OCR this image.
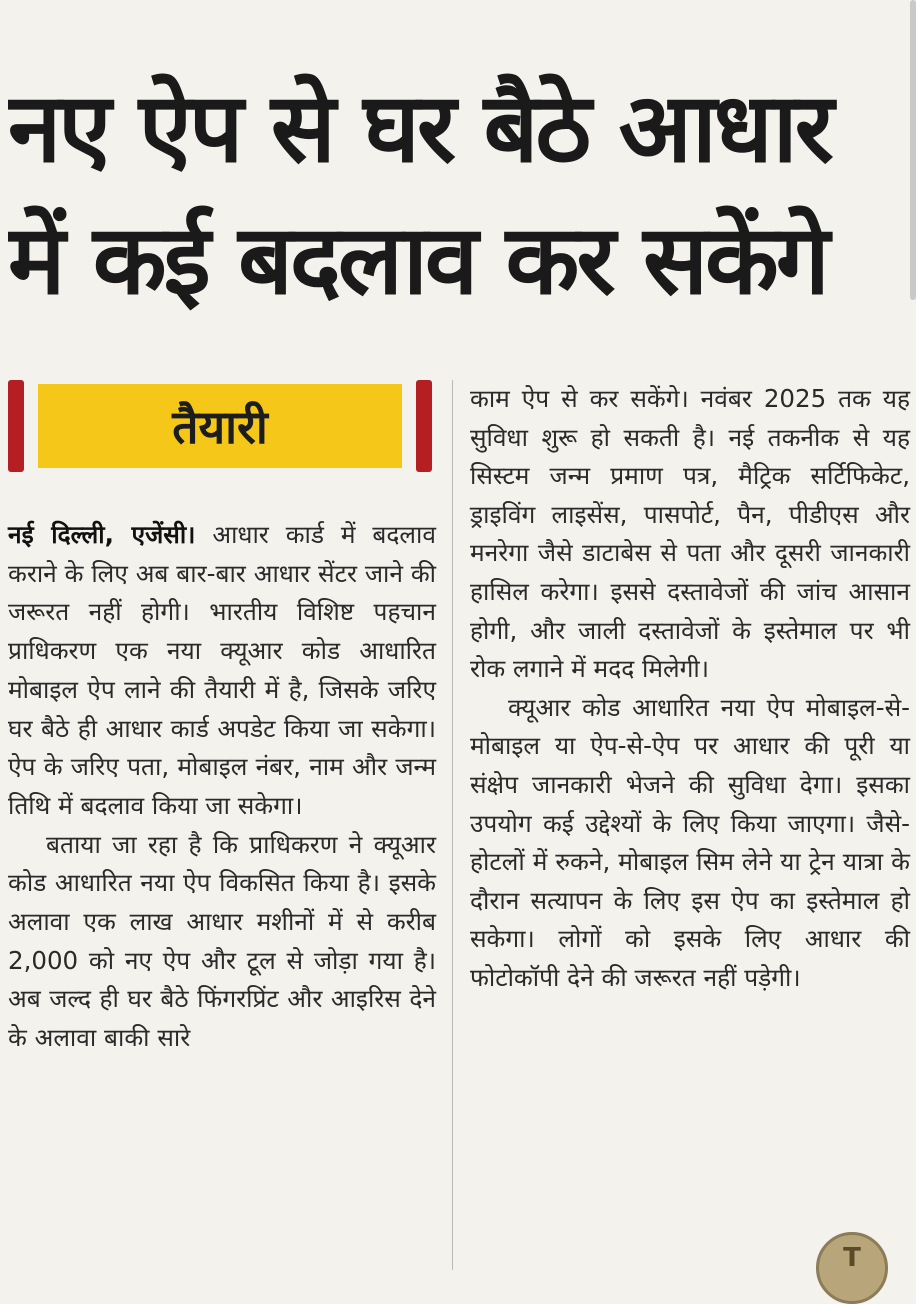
नए ऐप से घर बैठे आधार
में कई बदलाव कर सकेंगे
तैयारी

नई दिल्ली, एजेंसी। आधार कार्ड में बदलाव कराने के लिए अब बार-बार आधार सेंटर जाने की जरूरत नहीं होगी। भारतीय विशिष्ट पहचान प्राधिकरण एक नया क्यूआर कोड आधारित मोबाइल ऐप लाने की तैयारी में है, जिसके जरिए घर बैठे ही आधार कार्ड अपडेट किया जा सकेगा। ऐप के जरिए पता, मोबाइल नंबर, नाम और जन्म तिथि में बदलाव किया जा सकेगा।

बताया जा रहा है कि प्राधिकरण ने क्यूआर कोड आधारित नया ऐप विकसित किया है। इसके अलावा एक लाख आधार मशीनों में से करीब 2,000 को नए ऐप और टूल से जोड़ा गया है। अब जल्द ही घर बैठे फिंगरप्रिंट और आइरिस देने के अलावा बाकी सारे

काम ऐप से कर सकेंगे। नवंबर 2025 तक यह सुविधा शुरू हो सकती है। नई तकनीक से यह सिस्टम जन्म प्रमाण पत्र, मैट्रिक सर्टिफिकेट, ड्राइविंग लाइसेंस, पासपोर्ट, पैन, पीडीएस और मनरेगा जैसे डाटाबेस से पता और दूसरी जानकारी हासिल करेगा। इससे दस्तावेजों की जांच आसान होगी, और जाली दस्तावेजों के इस्तेमाल पर भी रोक लगाने में मदद मिलेगी।

क्यूआर कोड आधारित नया ऐप मोबाइल-से-मोबाइल या ऐप-से-ऐप पर आधार की पूरी या संक्षेप जानकारी भेजने की सुविधा देगा। इसका उपयोग कई उद्देश्यों के लिए किया जाएगा। जैसे- होटलों में रुकने, मोबाइल सिम लेने या ट्रेन यात्रा के दौरान सत्यापन के लिए इस ऐप का इस्तेमाल हो सकेगा। लोगों को इसके लिए आधार की फोटोकॉपी देने की जरूरत नहीं पड़ेगी।

T
